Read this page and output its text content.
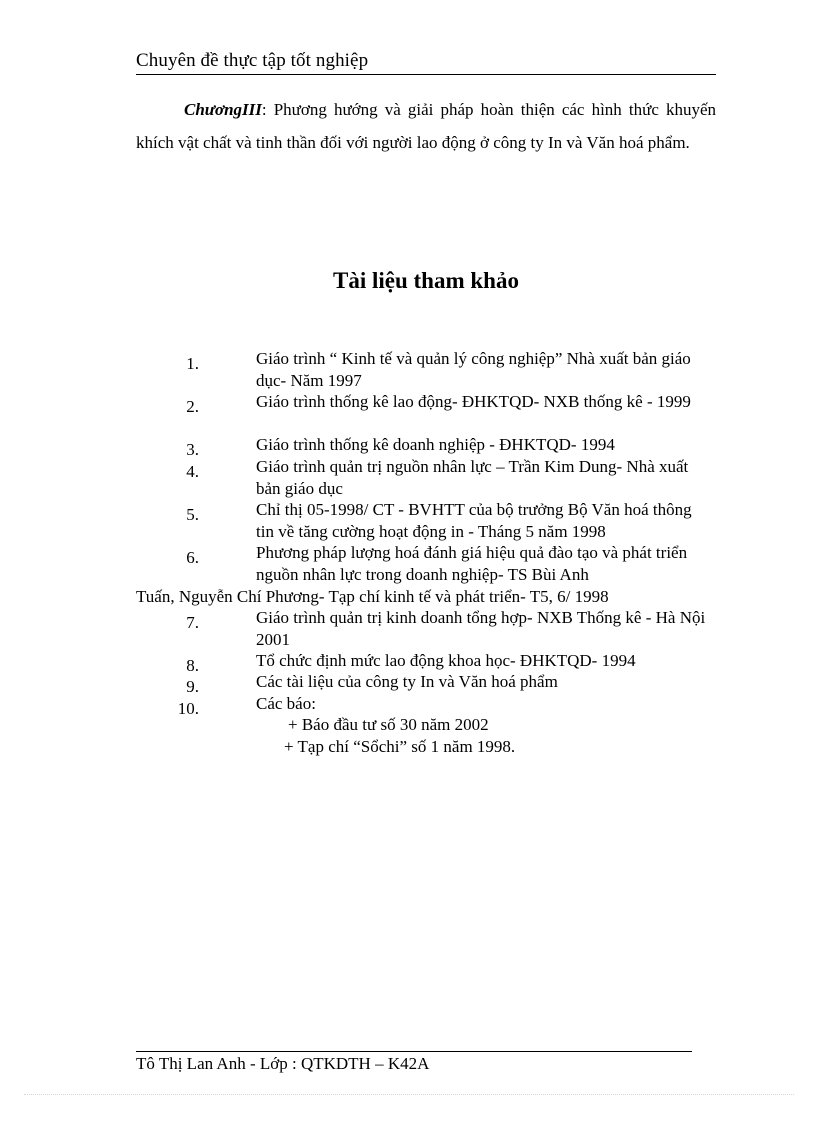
Chuyên đề thực tập tốt nghiệp

ChươngIII: Phương hướng và giải pháp hoàn thiện các hình thức khuyến khích vật chất và tinh thần đối với người lao động ở công ty In và Văn hoá phẩm.

Tài liệu tham khảo
1.	Giáo trình “ Kinh tế và quản lý công nghiệp” Nhà xuất bản giáo dục- Năm 1997
2.	Giáo trình thống kê lao động- ĐHKTQD- NXB thống kê - 1999
3.	Giáo trình thống kê doanh nghiệp - ĐHKTQD- 1994
4.	Giáo trình quản trị nguồn nhân lực – Trần Kim Dung- Nhà xuất bản giáo dục
5.	Chỉ thị 05-1998/ CT - BVHTT của bộ trưởng Bộ Văn hoá thông tin về tăng cường hoạt động in - Tháng 5 năm 1998
6.	Phương pháp lượng hoá đánh giá hiệu quả đào tạo và phát triển nguồn nhân lực trong doanh nghiệp- TS Bùi Anh
Tuấn, Nguyễn Chí Phương- Tạp chí kinh tế và phát triển- T5, 6/ 1998
7.	Giáo trình quản trị kinh doanh tổng hợp- NXB Thống kê - Hà Nội 2001
8.	Tổ chức định mức lao động khoa học- ĐHKTQD- 1994
9.	Các tài liệu của công ty In và Văn hoá phẩm
10.	Các báo:
+ Báo đầu tư số 30 năm 2002
+ Tạp chí “Sổchi” số 1 năm 1998.
Tô Thị Lan Anh - Lớp : QTKDTH – K42A
